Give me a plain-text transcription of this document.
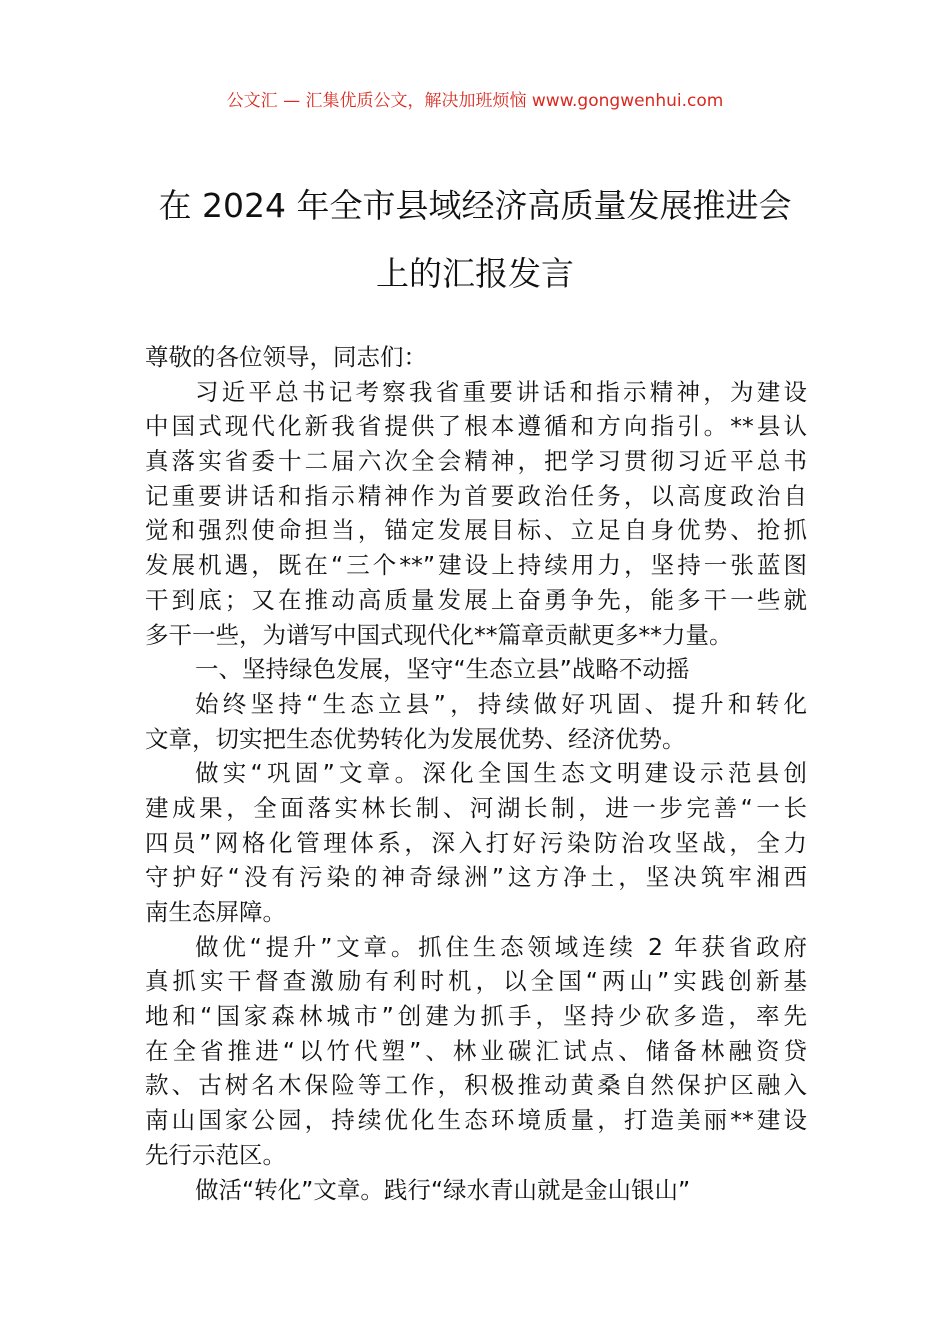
公文汇 — 汇集优质公文，解决加班烦恼 www.gongwenhui.com
在 2024 年全市县域经济高质量发展推进会
上的汇报发言
尊敬的各位领导，同志们：
习近平总书记考察我省重要讲话和指示精神，为建设
中国式现代化新我省提供了根本遵循和方向指引。**县认
真落实省委十二届六次全会精神，把学习贯彻习近平总书
记重要讲话和指示精神作为首要政治任务，以高度政治自
觉和强烈使命担当，锚定发展目标、立足自身优势、抢抓
发展机遇，既在“三个**”建设上持续用力，坚持一张蓝图
干到底；又在推动高质量发展上奋勇争先，能多干一些就
多干一些，为谱写中国式现代化**篇章贡献更多**力量。
一、坚持绿色发展，坚守“生态立县”战略不动摇
始终坚持“生态立县”，持续做好巩固、提升和转化
文章，切实把生态优势转化为发展优势、经济优势。
做实“巩固”文章。深化全国生态文明建设示范县创
建成果，全面落实林长制、河湖长制，进一步完善“一长
四员”网格化管理体系，深入打好污染防治攻坚战，全力
守护好“没有污染的神奇绿洲”这方净土，坚决筑牢湘西
南生态屏障。
做优“提升”文章。抓住生态领域连续 2 年获省政府
真抓实干督查激励有利时机，以全国“两山”实践创新基
地和“国家森林城市”创建为抓手，坚持少砍多造，率先
在全省推进“以竹代塑”、林业碳汇试点、储备林融资贷
款、古树名木保险等工作，积极推动黄桑自然保护区融入
南山国家公园，持续优化生态环境质量，打造美丽**建设
先行示范区。
做活“转化”文章。践行“绿水青山就是金山银山”
